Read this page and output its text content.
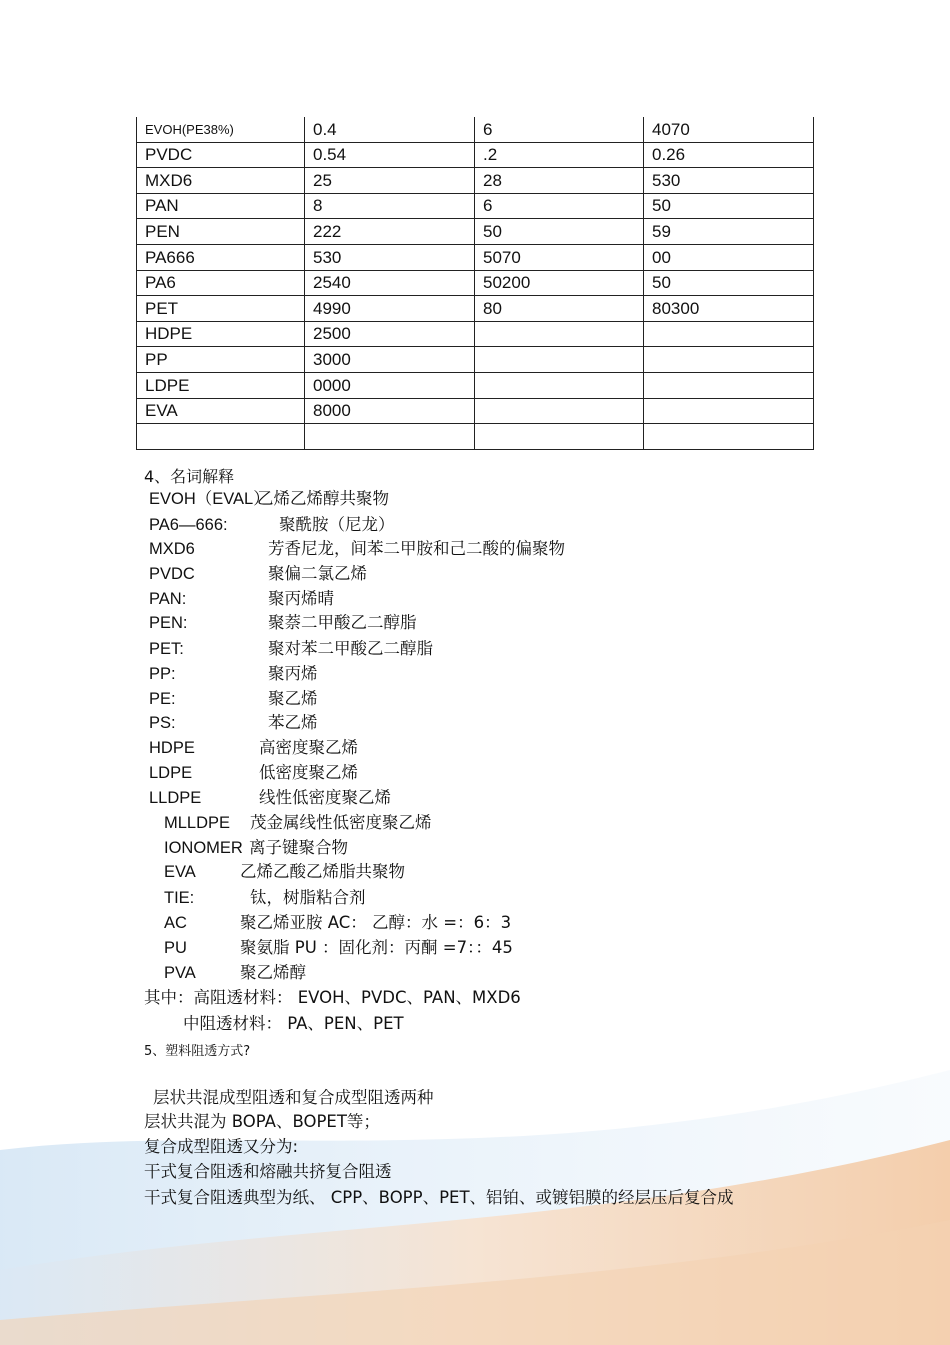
EVOH(PE38%)	0.4	6	4070
PVDC	0.54	.2	0.26
MXD6	25	28	530
PAN	8	6	50
PEN	222	50	59
PA666	530	5070	00
PA6	2540	50200	50
PET	4990	80	80300
HDPE	2500		
PP	3000		
LDPE	0000		
EVA	8000		

4、名词解释
EVOH（EVAL）
乙烯乙烯醇共聚物
PA6—666:	聚酰胺（尼龙）
MXD6	芳香尼龙，间苯二甲胺和己二酸的偏聚物
PVDC	聚偏二氯乙烯
PAN:	聚丙烯晴
PEN:	聚萘二甲酸乙二醇脂
PET:	聚对苯二甲酸乙二醇脂
PP:	聚丙烯
PE:	聚乙烯
PS:	苯乙烯
HDPE	高密度聚乙烯
LDPE	低密度聚乙烯
LLDPE	线性低密度聚乙烯
MLLDPE 茂金属线性低密度聚乙烯
IONOMER 离子键聚合物
EVA	乙烯乙酸乙烯脂共聚物
TIE:	钛，树脂粘合剂
AC	聚乙烯亚胺 AC： 乙醇：水 =：6：3
PU	聚氨脂 PU ：固化剂：丙酮 =7：：45
PVA	聚乙烯醇
其中：高阻透材料： EVOH、PVDC、PAN、MXD6
中阻透材料： PA、PEN、PET
5、塑料阻透方式?
层状共混成型阻透和复合成型阻透两种
层状共混为 BOPA、BOPET等；
复合成型阻透又分为:
干式复合阻透和熔融共挤复合阻透
干式复合阻透典型为纸、 CPP、BOPP、PET、铝铂、或镀铝膜的经层压后复合成
